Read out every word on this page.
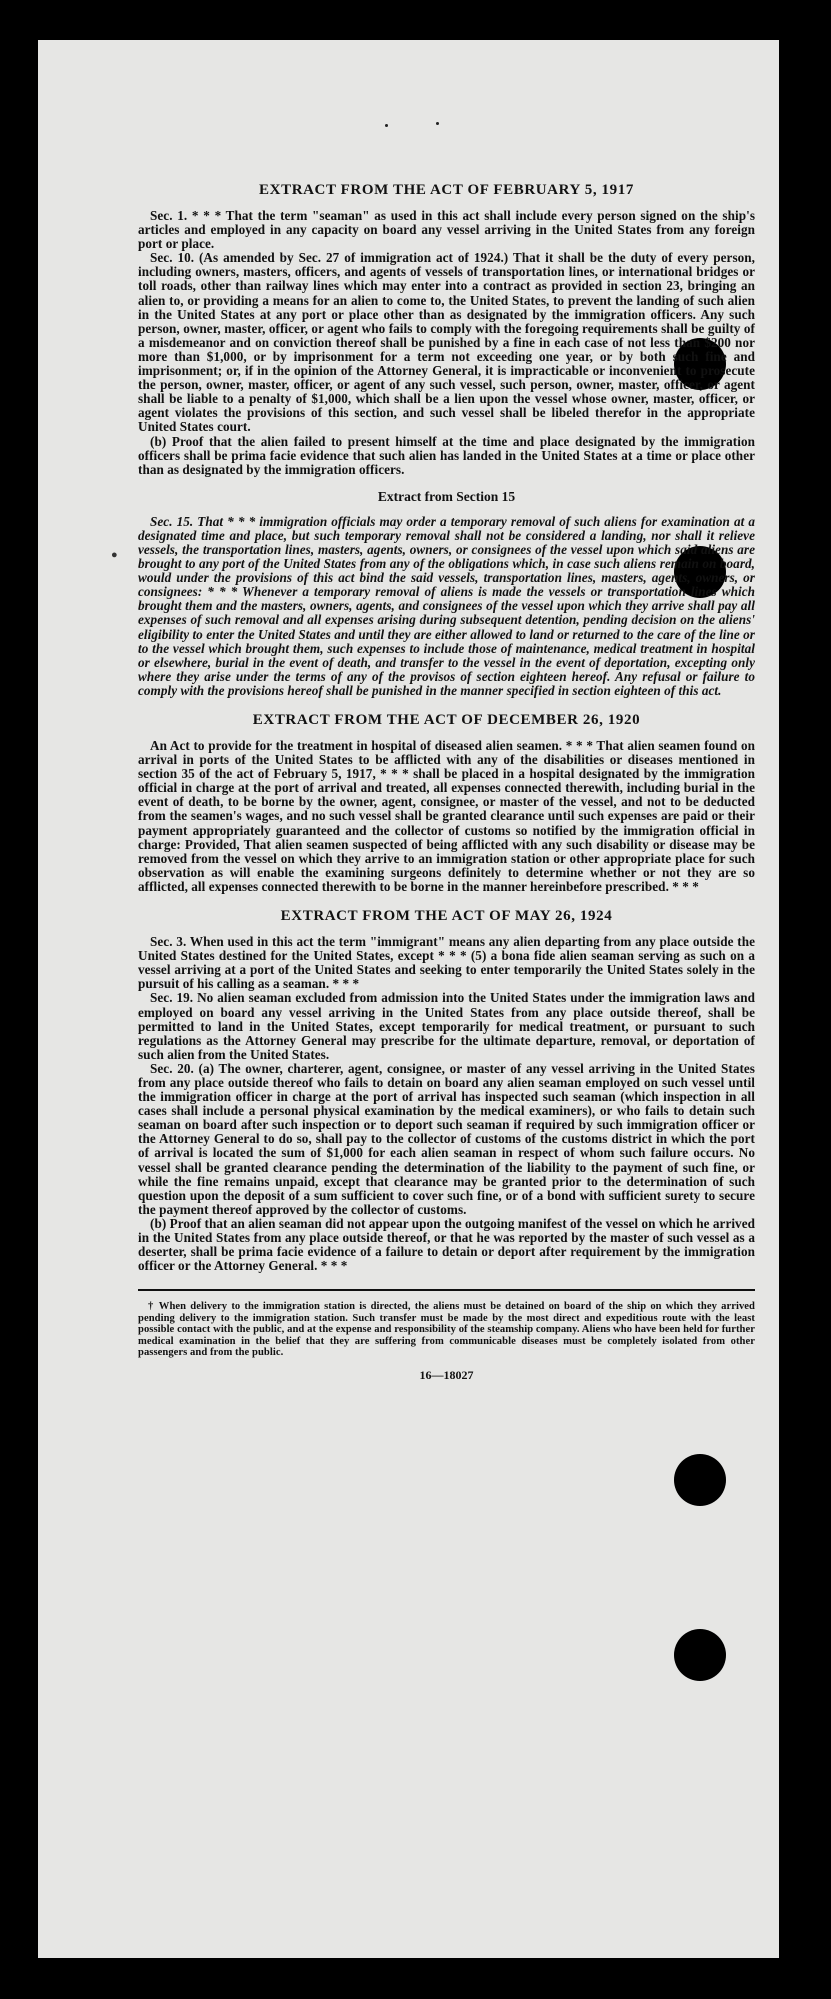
●
EXTRACT FROM THE ACT OF FEBRUARY 5, 1917

Sec. 1. * * * That the term "seaman" as used in this act shall include every person signed on the ship's articles and employed in any capacity on board any vessel arriving in the United States from any foreign port or place.

Sec. 10. (As amended by Sec. 27 of immigration act of 1924.) That it shall be the duty of every person, including owners, masters, officers, and agents of vessels of transportation lines, or international bridges or toll roads, other than railway lines which may enter into a contract as provided in section 23, bringing an alien to, or providing a means for an alien to come to, the United States, to prevent the landing of such alien in the United States at any port or place other than as designated by the immigration officers. Any such person, owner, master, officer, or agent who fails to comply with the foregoing requirements shall be guilty of a misdemeanor and on conviction thereof shall be punished by a fine in each case of not less than $200 nor more than $1,000, or by imprisonment for a term not exceeding one year, or by both such fine and imprisonment; or, if in the opinion of the Attorney General, it is impracticable or inconvenient to prosecute the person, owner, master, officer, or agent of any such vessel, such person, owner, master, officer, or agent shall be liable to a penalty of $1,000, which shall be a lien upon the vessel whose owner, master, officer, or agent violates the provisions of this section, and such vessel shall be libeled therefor in the appropriate United States court.

(b) Proof that the alien failed to present himself at the time and place designated by the immigration officers shall be prima facie evidence that such alien has landed in the United States at a time or place other than as designated by the immigration officers.

Extract from Section 15

Sec. 15. That * * * immigration officials may order a temporary removal of such aliens for examination at a designated time and place, but such temporary removal shall not be considered a landing, nor shall it relieve vessels, the transportation lines, masters, agents, owners, or consignees of the vessel upon which said aliens are brought to any port of the United States from any of the obligations which, in case such aliens remain on board, would under the provisions of this act bind the said vessels, transportation lines, masters, agents, owners, or consignees: * * * Whenever a temporary removal of aliens is made the vessels or transportation lines which brought them and the masters, owners, agents, and consignees of the vessel upon which they arrive shall pay all expenses of such removal and all expenses arising during subsequent detention, pending decision on the aliens' eligibility to enter the United States and until they are either allowed to land or returned to the care of the line or to the vessel which brought them, such expenses to include those of maintenance, medical treatment in hospital or elsewhere, burial in the event of death, and transfer to the vessel in the event of deportation, excepting only where they arise under the terms of any of the provisos of section eighteen hereof. Any refusal or failure to comply with the provisions hereof shall be punished in the manner specified in section eighteen of this act.

EXTRACT FROM THE ACT OF DECEMBER 26, 1920

An Act to provide for the treatment in hospital of diseased alien seamen. * * * That alien seamen found on arrival in ports of the United States to be afflicted with any of the disabilities or diseases mentioned in section 35 of the act of February 5, 1917, * * * shall be placed in a hospital designated by the immigration official in charge at the port of arrival and treated, all expenses connected therewith, including burial in the event of death, to be borne by the owner, agent, consignee, or master of the vessel, and not to be deducted from the seamen's wages, and no such vessel shall be granted clearance until such expenses are paid or their payment appropriately guaranteed and the collector of customs so notified by the immigration official in charge: Provided, That alien seamen suspected of being afflicted with any such disability or disease may be removed from the vessel on which they arrive to an immigration station or other appropriate place for such observation as will enable the examining surgeons definitely to determine whether or not they are so afflicted, all expenses connected therewith to be borne in the manner hereinbefore prescribed. * * *

EXTRACT FROM THE ACT OF MAY 26, 1924

Sec. 3. When used in this act the term "immigrant" means any alien departing from any place outside the United States destined for the United States, except * * * (5) a bona fide alien seaman serving as such on a vessel arriving at a port of the United States and seeking to enter temporarily the United States solely in the pursuit of his calling as a seaman. * * *

Sec. 19. No alien seaman excluded from admission into the United States under the immigration laws and employed on board any vessel arriving in the United States from any place outside thereof, shall be permitted to land in the United States, except temporarily for medical treatment, or pursuant to such regulations as the Attorney General may prescribe for the ultimate departure, removal, or deportation of such alien from the United States.

Sec. 20. (a) The owner, charterer, agent, consignee, or master of any vessel arriving in the United States from any place outside thereof who fails to detain on board any alien seaman employed on such vessel until the immigration officer in charge at the port of arrival has inspected such seaman (which inspection in all cases shall include a personal physical examination by the medical examiners), or who fails to detain such seaman on board after such inspection or to deport such seaman if required by such immigration officer or the Attorney General to do so, shall pay to the collector of customs of the customs district in which the port of arrival is located the sum of $1,000 for each alien seaman in respect of whom such failure occurs. No vessel shall be granted clearance pending the determination of the liability to the payment of such fine, or while the fine remains unpaid, except that clearance may be granted prior to the determination of such question upon the deposit of a sum sufficient to cover such fine, or of a bond with sufficient surety to secure the payment thereof approved by the collector of customs.

(b) Proof that an alien seaman did not appear upon the outgoing manifest of the vessel on which he arrived in the United States from any place outside thereof, or that he was reported by the master of such vessel as a deserter, shall be prima facie evidence of a failure to detain or deport after requirement by the immigration officer or the Attorney General. * * *

† When delivery to the immigration station is directed, the aliens must be detained on board of the ship on which they arrived pending delivery to the immigration station. Such transfer must be made by the most direct and expeditious route with the least possible contact with the public, and at the expense and responsibility of the steamship company. Aliens who have been held for further medical examination in the belief that they are suffering from communicable diseases must be completely isolated from other passengers and from the public.

16—18027
